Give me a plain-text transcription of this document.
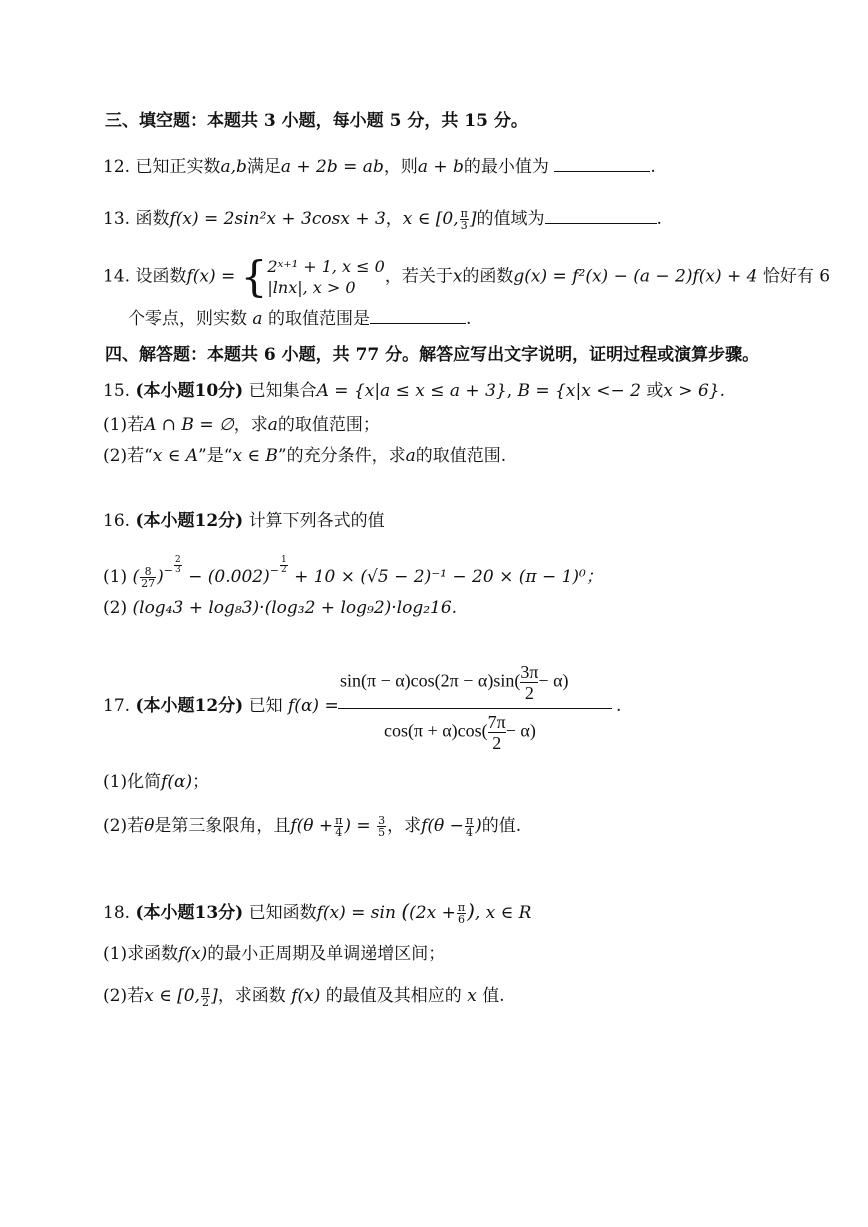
三、填空题：本题共 3 小题，每小题 5 分，共 15 分。
12. 已知正实数a,b满足a + 2b = ab，则a + b的最小值为	.
13. 函数f(x) = 2sin²x + 3cosx + 3，x ∈ [0, $\frac{\pi}{3}$ ]的值域为	.
14. 设函数f(x) = { 2ˣ⁺¹ + 1, x ≤ 0
|lnx|, x > 0
，若关于x的函数g(x) = f²(x) − (a − 2)f(x) + 4 恰好有 6
个零点，则实数 a 的取值范围是	.
四、解答题：本题共 6 小题，共 77 分。解答应写出文字说明，证明过程或演算步骤。
15. (本小题10分) 已知集合A = {x|a ≤ x ≤ a + 3}, B = {x|x <− 2 或x > 6}.
(1)若A ∩ B = ∅，求a的取值范围；
(2)若“x ∈ A”是“x ∈ B”的充分条件，求a的取值范围.
16. (本小题12分) 计算下列各式的值
(1) ( $\frac{8}{27} )^{- \frac{2}{3}}$
− $(0.002)^{- \frac{1}{2}}$
+ 10 × (√5 − 2)⁻¹ − 20 × (π − 1)⁰；
(2) (log₄3 + log₈3)·(log₃2 + log₉2)·log₂16.
17. (本小题12分) 已知 f(α) =
$\sin(\pi - \alpha)\cos(2\pi - \alpha)\sin( \frac{3\pi}{2} - \alpha)$
$\cos(\pi + \alpha)\cos( \frac{7\pi}{2} - \alpha)$
.
(1)化简f(α)；
(2)若θ是第三象限角，且$f(\theta + \frac{\pi}{4}$ ) = $\frac{3}{5}$ ，求$f(\theta - \frac{\pi}{4}$ )的值.
18. (本小题13分) 已知函数$f(x) = \sin ((2x + \frac{\pi}{6}$ ), x ∈ R
(1)求函数f(x)的最小正周期及单调递增区间；
(2)若x ∈ [0, $\frac{\pi}{2}$ ]，求函数 f(x) 的最值及其相应的 x 值.
